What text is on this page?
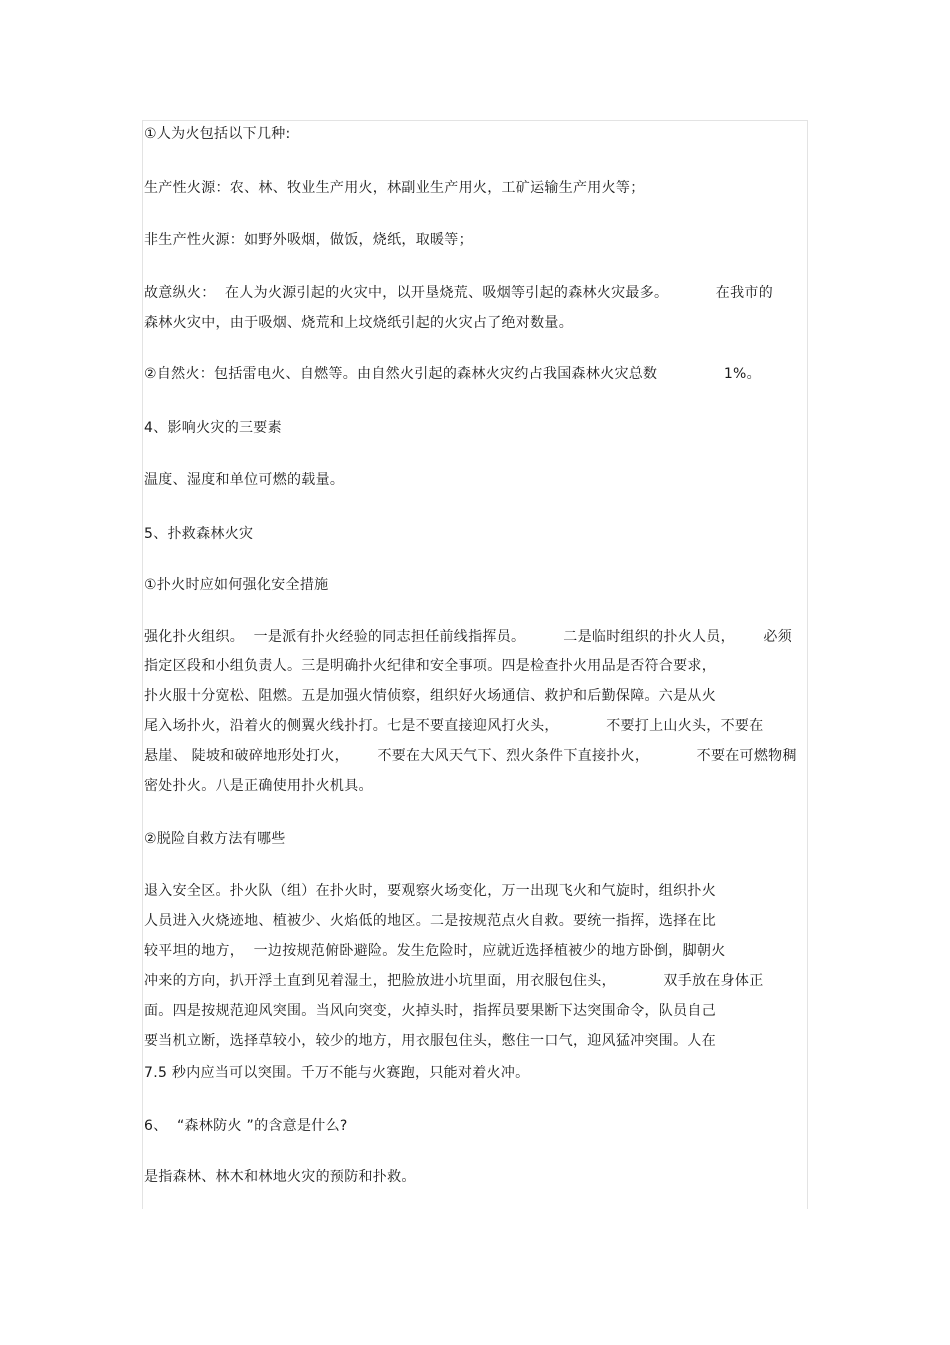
①人为火包括以下几种:
生产性火源：农、林、牧业生产用火，林副业生产用火，工矿运输生产用火等；
非生产性火源：如野外吸烟，做饭，烧纸，取暖等；
故意纵火：  在人为火源引起的火灾中，以开垦烧荒、吸烟等引起的森林火灾最多。          在我市的
森林火灾中，由于吸烟、烧荒和上坟烧纸引起的火灾占了绝对数量。
②自然火：包括雷电火、自燃等。由自然火引起的森林火灾约占我国森林火灾总数              1%。
4、影响火灾的三要素
温度、湿度和单位可燃的载量。
5、扑救森林火灾
①扑火时应如何强化安全措施
强化扑火组织。  一是派有扑火经验的同志担任前线指挥员。        二是临时组织的扑火人员，      必须
指定区段和小组负责人。三是明确扑火纪律和安全事项。四是检查扑火用品是否符合要求，
扑火服十分宽松、阻燃。五是加强火情侦察，组织好火场通信、救护和后勤保障。六是从火
尾入场扑火，沿着火的侧翼火线扑打。七是不要直接迎风打火头，          不要打上山火头，不要在
悬崖、 陡坡和破碎地形处打火，      不要在大风天气下、烈火条件下直接扑火，          不要在可燃物稠
密处扑火。八是正确使用扑火机具。
②脱险自救方法有哪些
退入安全区。扑火队（组）在扑火时，要观察火场变化，万一出现飞火和气旋时，组织扑火
人员进入火烧迹地、植被少、火焰低的地区。二是按规范点火自救。要统一指挥，选择在比
较平坦的地方，  一边按规范俯卧避险。发生危险时，应就近选择植被少的地方卧倒，脚朝火
冲来的方向，扒开浮土直到见着湿土，把脸放进小坑里面，用衣服包住头，          双手放在身体正
面。四是按规范迎风突围。当风向突变，火掉头时，指挥员要果断下达突围命令，队员自己
要当机立断，选择草较小，较少的地方，用衣服包住头，憋住一口气，迎风猛冲突围。人在
7.5 秒内应当可以突围。千万不能与火赛跑，只能对着火冲。
6、  “森林防火 ”的含意是什么?
是指森林、林木和林地火灾的预防和扑救。
